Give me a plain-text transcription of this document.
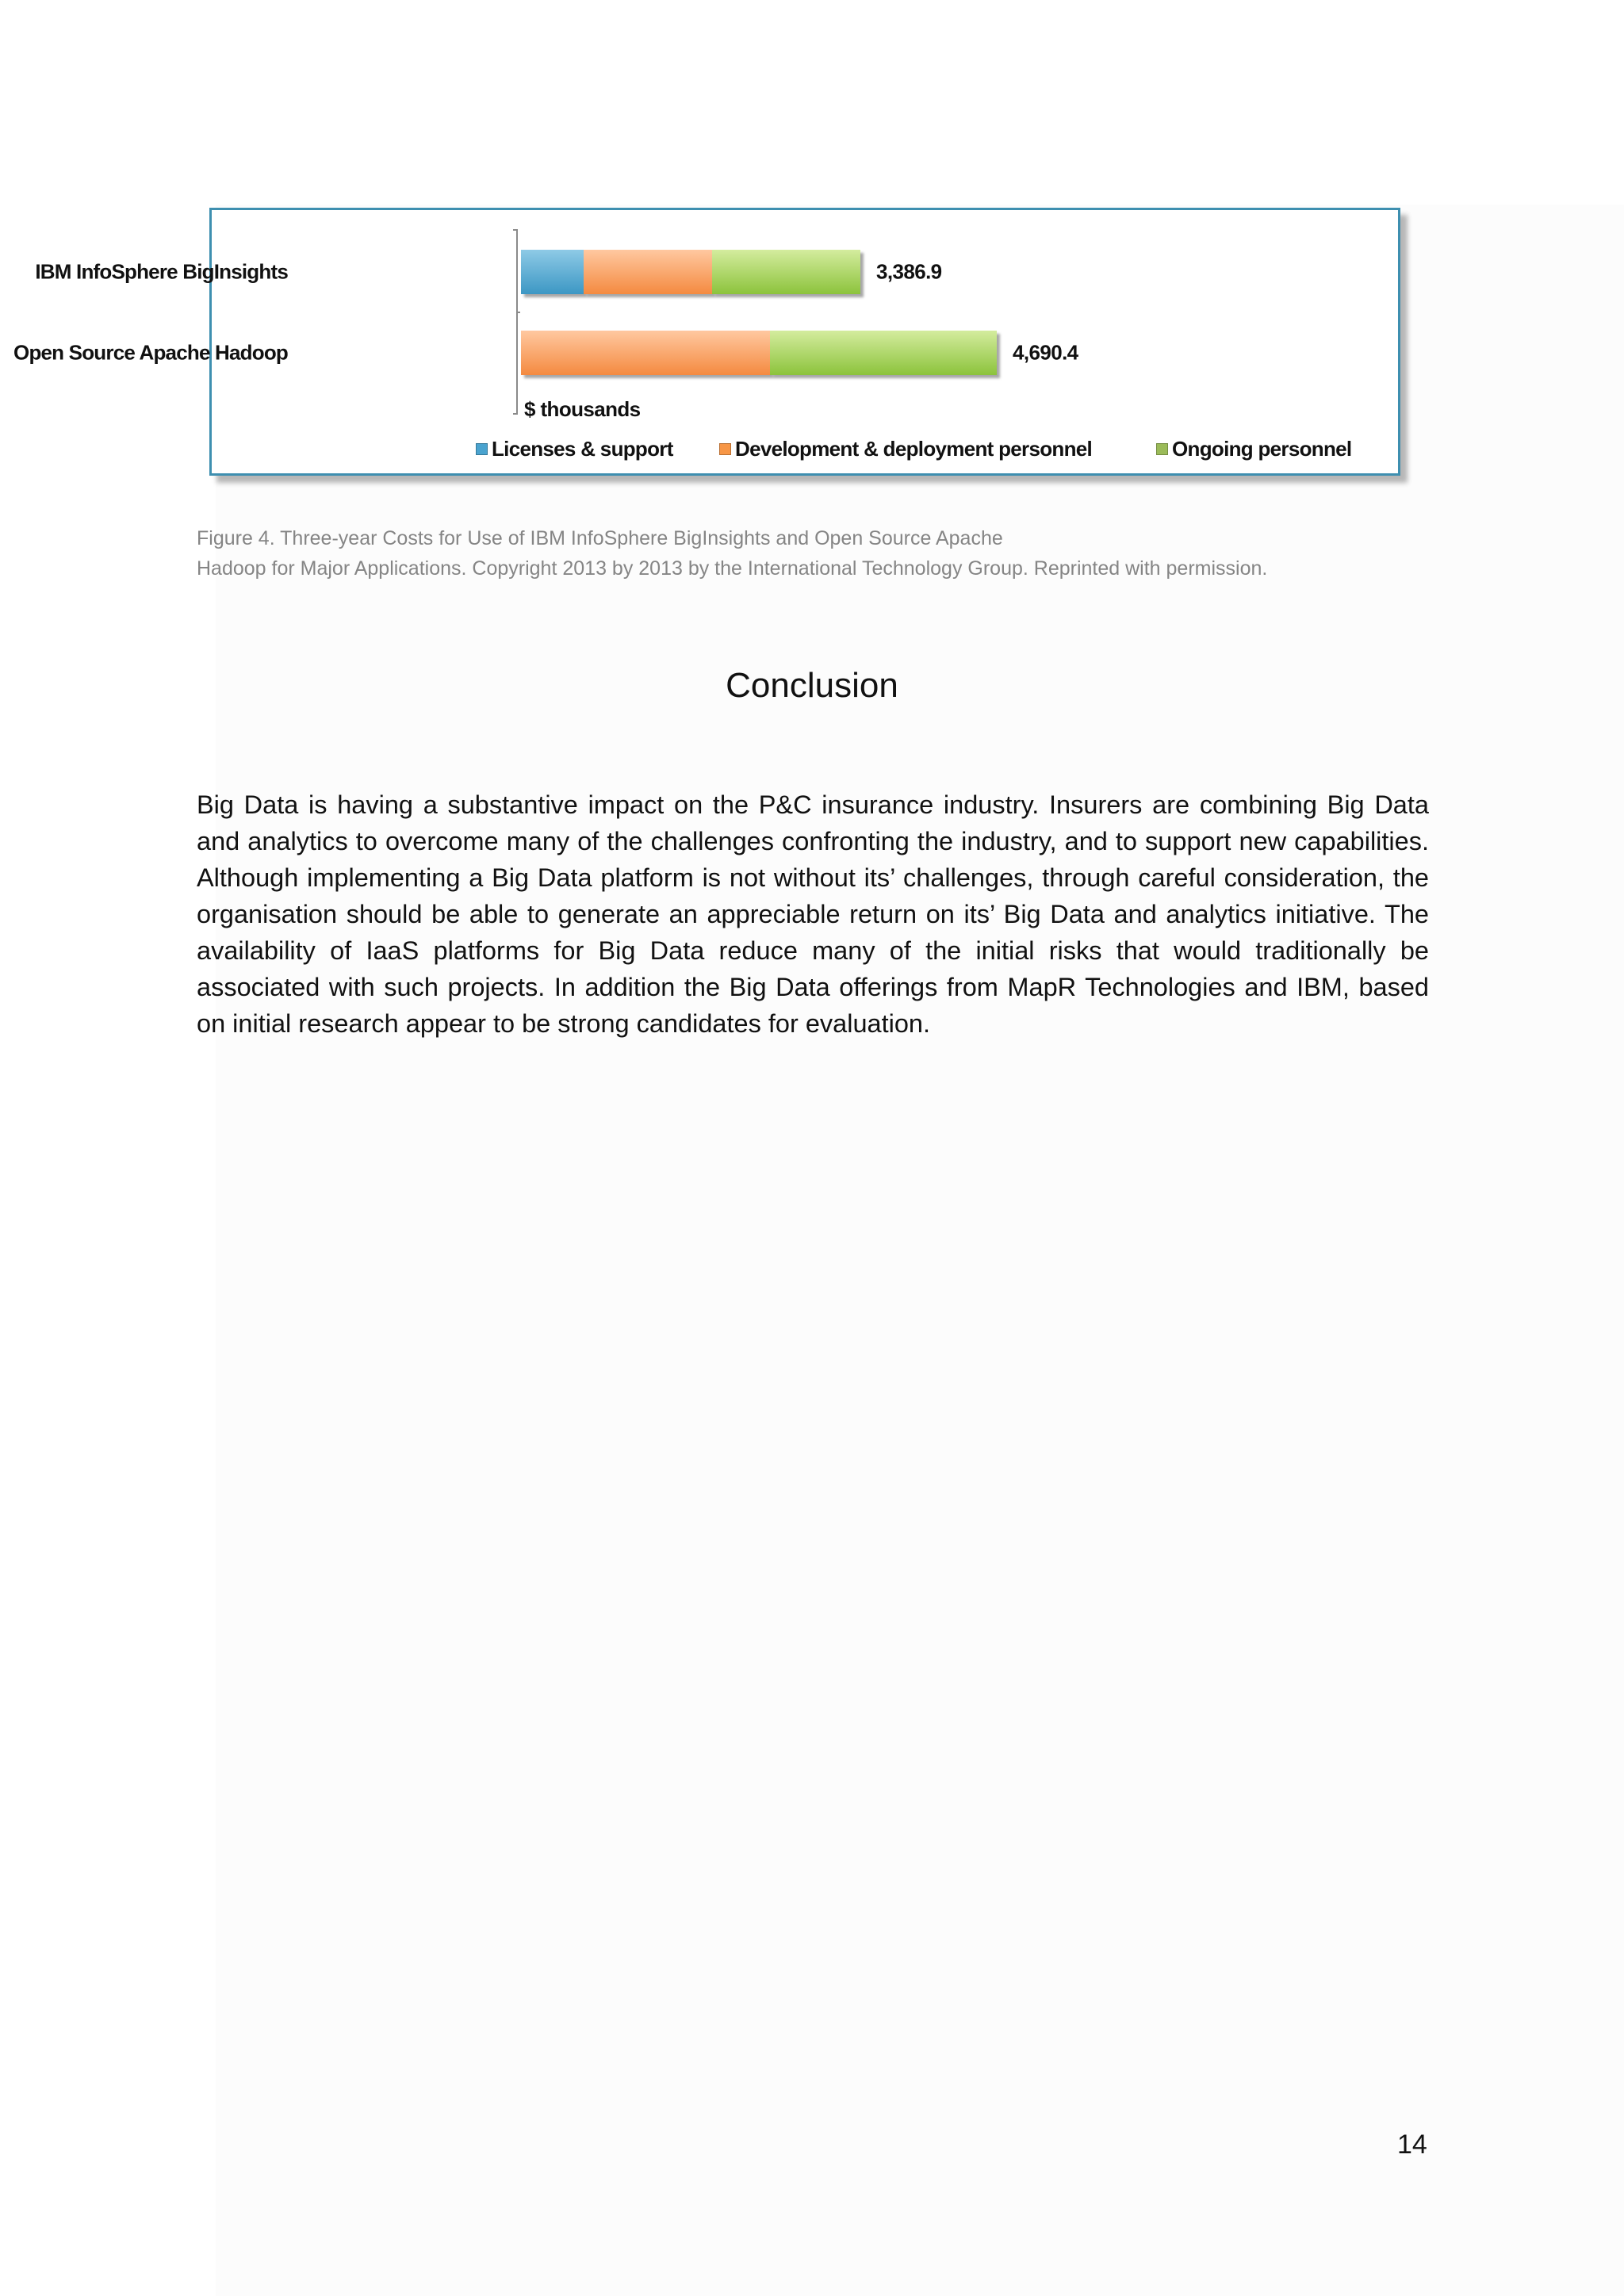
IBM InfoSphere BigInsights
Open Source Apache Hadoop
3,386.9
4,690.4
$ thousands
Licenses & support	Development & deployment personnel	Ongoing personnel

Figure 4. Three-year Costs for Use of IBM InfoSphere BigInsights and Open Source Apache
Hadoop for Major Applications. Copyright 2013 by 2013 by the International Technology Group. Reprinted with permission.

Conclusion

Big Data is having a substantive impact on the P&C insurance industry. Insurers are combining Big Data and analytics to overcome many of the challenges confronting the industry, and to support new capabilities. Although implementing a Big Data platform is not without its’ challenges, through careful consideration, the organisation should be able to generate an appreciable return on its’ Big Data and analytics initiative. The availability of IaaS platforms for Big Data reduce many of the initial risks that would traditionally be associated with such projects. In addition the Big Data offerings from MapR Technologies and IBM, based on initial research appear to be strong candidates for evaluation.

14
